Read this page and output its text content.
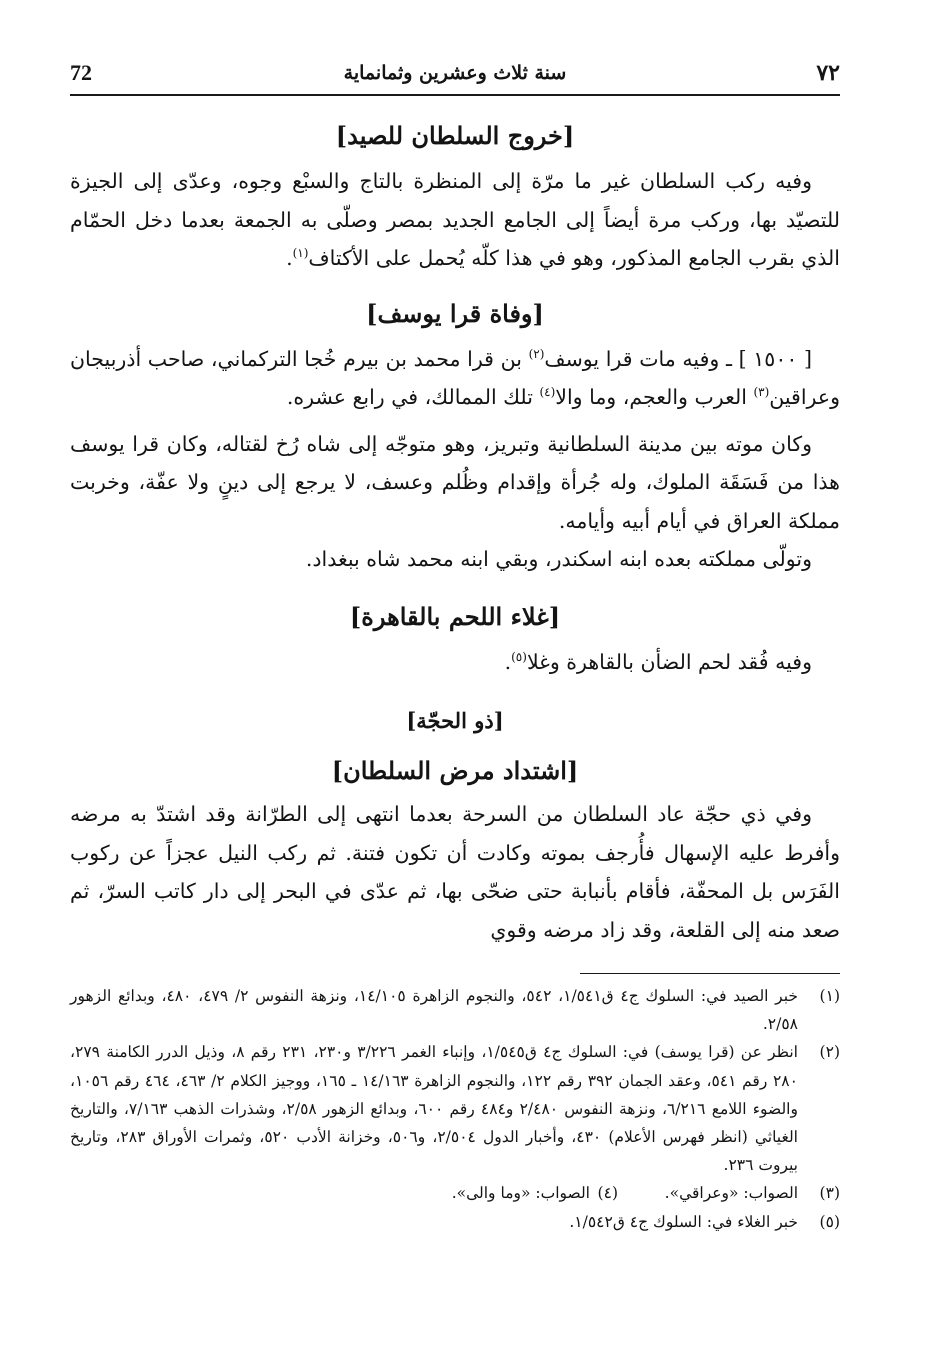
٧٢
سنة ثلاث وعشرين وثمانماية
72
[خروج السلطان للصيد]

وفيه ركب السلطان غير ما مرّة إلى المنظرة بالتاج والسبْع وجوه، وعدّى إلى الجيزة للتصيّد بها، وركب مرة أيضاً إلى الجامع الجديد بمصر وصلّى به الجمعة بعدما دخل الحمّام الذي بقرب الجامع المذكور، وهو في هذا كلّه يُحمل على الأكتاف$^{(١)}$.

[وفاة قرا يوسف]

[ ١٥٠٠ ] ـ وفيه مات قرا يوسف$^{(٢)}$ بن قرا محمد بن بيرم خُجا التركماني، صاحب أذربيجان وعراقين$^{(٣)}$ العرب والعجم، وما والا$^{(٤)}$ تلك الممالك، في رابع عشره.

وكان موته بين مدينة السلطانية وتبريز، وهو متوجّه إلى شاه رُخ لقتاله، وكان قرا يوسف هذا من فَسَقَة الملوك، وله جُرأة وإقدام وظُلم وعسف، لا يرجع إلى دينٍ ولا عفّة، وخربت مملكة العراق في أيام أبيه وأيامه.

وتولّى مملكته بعده ابنه اسكندر، وبقي ابنه محمد شاه ببغداد.

[غلاء اللحم بالقاهرة]

وفيه فُقد لحم الضأن بالقاهرة وغلا$^{(٥)}$.

[ذو الحجّة]
[اشتداد مرض السلطان]

وفي ذي حجّة عاد السلطان من السرحة بعدما انتهى إلى الطرّانة وقد اشتدّ به مرضه وأفرط عليه الإسهال فأُرجف بموته وكادت أن تكون فتنة. ثم ركب النيل عجزاً عن ركوب الفَرَس بل المحفّة، فأقام بأنبابة حتى ضحّى بها، ثم عدّى في البحر إلى دار كاتب السرّ، ثم صعد منه إلى القلعة، وقد زاد مرضه وقوي

(١)
خبر الصيد في: السلوك ج٤ ق١/٥٤١، ٥٤٢، والنجوم الزاهرة ١٤/١٠٥، ونزهة النفوس ٢/ ٤٧٩، ٤٨٠، وبدائع الزهور ٢/٥٨.
(٢)
انظر عن (قرا يوسف) في: السلوك ج٤ ق١/٥٤٥، وإنباء الغمر ٣/٢٢٦ و٢٣٠، ٢٣١ رقم ٨، وذيل الدرر الكامنة ٢٧٩، ٢٨٠ رقم ٥٤١، وعقد الجمان ٣٩٢ رقم ١٢٢، والنجوم الزاهرة ١٤/١٦٣ ـ ١٦٥، ووجيز الكلام ٢/ ٤٦٣، ٤٦٤ رقم ١٠٥٦، والضوء اللامع ٦/٢١٦، ونزهة النفوس ٢/٤٨٠ و٤٨٤ رقم ٦٠٠، وبدائع الزهور ٢/٥٨، وشذرات الذهب ٧/١٦٣، والتاريخ الغياثي (انظر فهرس الأعلام) ٤٣٠، وأخبار الدول ٢/٥٠٤، و٥٠٦، وخزانة الأدب ٥٢٠، وثمرات الأوراق ٢٨٣، وتاريخ بيروت ٢٣٦.
(٣)
الصواب: «وعراقي».
(٤)
الصواب: «وما والى».
(٥)
خبر الغلاء في: السلوك ج٤ ق١/٥٤٢.
